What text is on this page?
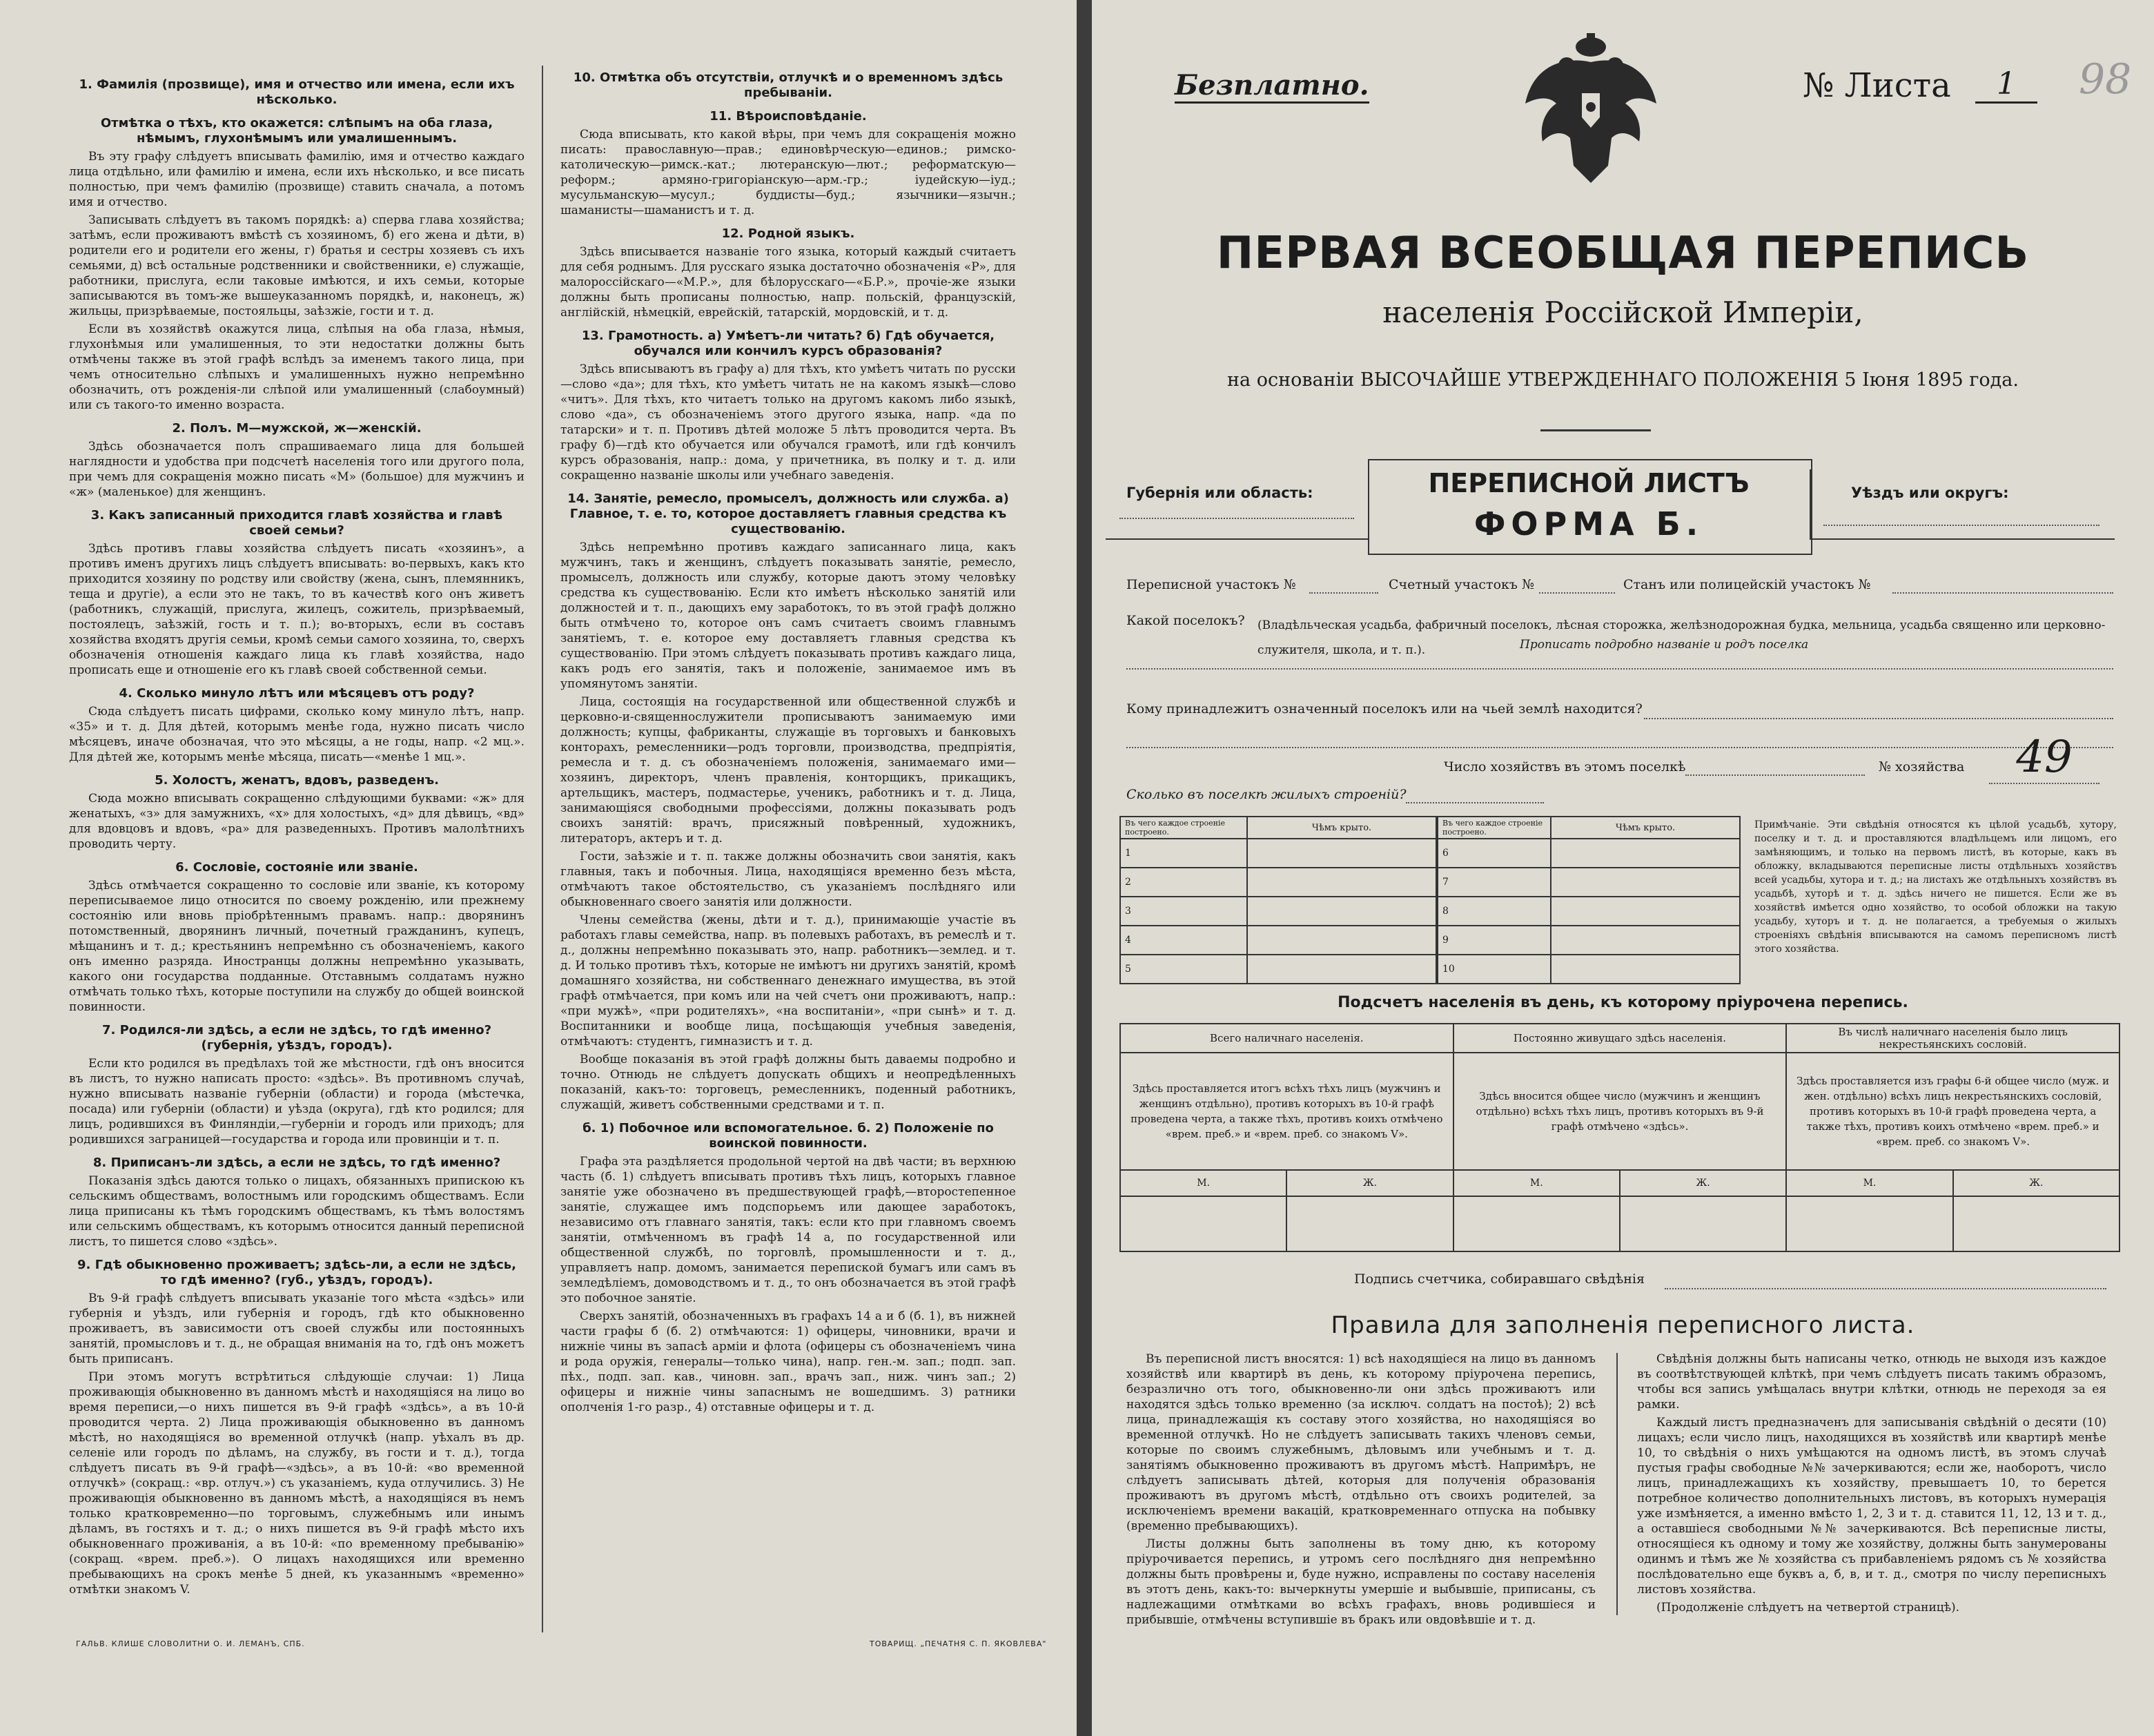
1. Фамилія (прозвище), имя и отчество или имена, если ихъ нѣсколько.
Отмѣтка о тѣхъ, кто окажется: слѣпымъ на оба глаза, нѣмымъ, глухонѣмымъ или умалишеннымъ.

Въ эту графу слѣдуетъ вписывать фамилію, имя и отчество каждаго лица отдѣльно, или фамилію и имена, если ихъ нѣсколько, и все писать полностью, при чемъ фамилію (прозвище) ставить сначала, а потомъ имя и отчество.

Записывать слѣдуетъ въ такомъ порядкѣ: а) сперва глава хозяйства; затѣмъ, если проживаютъ вмѣстѣ съ хозяиномъ, б) его жена и дѣти, в) родители его и родители его жены, г) братья и сестры хозяевъ съ ихъ семьями, д) всѣ остальные родственники и свойственники, е) служащіе, работники, прислуга, если таковые имѣются, и ихъ семьи, которые записываются въ томъ-же вышеуказанномъ порядкѣ, и, наконецъ, ж) жильцы, призрѣваемые, постояльцы, заѣзжіе, гости и т. д.

Если въ хозяйствѣ окажутся лица, слѣпыя на оба глаза, нѣмыя, глухонѣмыя или умалишенныя, то эти недостатки должны быть отмѣчены также въ этой графѣ вслѣдъ за именемъ такого лица, при чемъ относительно слѣпыхъ и умалишенныхъ нужно непремѣнно обозначить, отъ рожденія-ли слѣпой или умалишенный (слабоумный) или съ такого-то именно возраста.

2. Полъ. М—мужской, ж—женскій.

Здѣсь обозначается полъ спрашиваемаго лица для большей наглядности и удобства при подсчетѣ населенія того или другого пола, при чемъ для сокращенія можно писать «М» (большое) для мужчинъ и «ж» (маленькое) для женщинъ.

3. Какъ записанный приходится главѣ хозяйства и главѣ своей семьи?

Здѣсь противъ главы хозяйства слѣдуетъ писать «хозяинъ», а противъ именъ другихъ лицъ слѣдуетъ вписывать: во-первыхъ, какъ кто приходится хозяину по родству или свойству (жена, сынъ, племянникъ, теща и другіе), а если это не такъ, то въ качествѣ кого онъ живетъ (работникъ, служащій, прислуга, жилецъ, сожитель, призрѣваемый, постоялецъ, заѣзжій, гость и т. п.); во-вторыхъ, если въ составъ хозяйства входятъ другія семьи, кромѣ семьи самого хозяина, то, сверхъ обозначенія отношенія каждаго лица къ главѣ хозяйства, надо прописать еще и отношеніе его къ главѣ своей собственной семьи.

4. Сколько минуло лѣтъ или мѣсяцевъ отъ роду?

Сюда слѣдуетъ писать цифрами, сколько кому минуло лѣтъ, напр. «35» и т. д. Для дѣтей, которымъ менѣе года, нужно писать число мѣсяцевъ, иначе обозначая, что это мѣсяцы, а не годы, напр. «2 мц.». Для дѣтей же, которымъ менѣе мѣсяца, писать—«менѣе 1 мц.».

5. Холостъ, женатъ, вдовъ, разведенъ.

Сюда можно вписывать сокращенно слѣдующими буквами: «ж» для женатыхъ, «з» для замужнихъ, «х» для холостыхъ, «д» для дѣвицъ, «вд» для вдовцовъ и вдовъ, «ра» для разведенныхъ. Противъ малолѣтнихъ проводить черту.

6. Сословіе, состояніе или званіе.

Здѣсь отмѣчается сокращенно то сословіе или званіе, къ которому переписываемое лицо относится по своему рожденію, или прежнему состоянію или вновь пріобрѣтеннымъ правамъ. напр.: дворянинъ потомственный, дворянинъ личный, почетный гражданинъ, купецъ, мѣщанинъ и т. д.; крестьянинъ непремѣнно съ обозначеніемъ, какого онъ именно разряда. Иностранцы должны непремѣнно указывать, какого они государства подданные. Отставнымъ солдатамъ нужно отмѣчать только тѣхъ, которые поступили на службу до общей воинской повинности.

7. Родился-ли здѣсь, а если не здѣсь, то гдѣ именно? (губернія, уѣздъ, городъ).

Если кто родился въ предѣлахъ той же мѣстности, гдѣ онъ вносится въ листъ, то нужно написать просто: «здѣсь». Въ противномъ случаѣ, нужно вписывать названіе губерніи (области) и города (мѣстечка, посада) или губерніи (области) и уѣзда (округа), гдѣ кто родился; для лицъ, родившихся въ Финляндіи,—губерніи и городъ или приходъ; для родившихся заграницей—государства и города или провинціи и т. п.

8. Приписанъ-ли здѣсь, а если не здѣсь, то гдѣ именно?

Показанія здѣсь даются только о лицахъ, обязанныхъ припискою къ сельскимъ обществамъ, волостнымъ или городскимъ обществамъ. Если лица приписаны къ тѣмъ городскимъ обществамъ, къ тѣмъ волостямъ или сельскимъ обществамъ, къ которымъ относится данный переписной листъ, то пишется слово «здѣсь».

9. Гдѣ обыкновенно проживаетъ; здѣсь-ли, а если не здѣсь, то гдѣ именно? (губ., уѣздъ, городъ).

Въ 9-й графѣ слѣдуетъ вписывать указаніе того мѣста «здѣсь» или губернія и уѣздъ, или губернія и городъ, гдѣ кто обыкновенно проживаетъ, въ зависимости отъ своей службы или постоянныхъ занятій, промысловъ и т. д., не обращая вниманія на то, гдѣ онъ можетъ быть приписанъ.

При этомъ могутъ встрѣтиться слѣдующіе случаи: 1) Лица проживающія обыкновенно въ данномъ мѣстѣ и находящіяся на лицо во время переписи,—о нихъ пишется въ 9-й графѣ «здѣсь», а въ 10-й проводится черта. 2) Лица проживающія обыкновенно въ данномъ мѣстѣ, но находящіяся во временной отлучкѣ (напр. уѣхалъ въ др. селеніе или городъ по дѣламъ, на службу, въ гости и т. д.), тогда слѣдуетъ писать въ 9-й графѣ—«здѣсь», а въ 10-й: «во временной отлучкѣ» (сокращ.: «вр. отлуч.») съ указаніемъ, куда отлучились. 3) Не проживающія обыкновенно въ данномъ мѣстѣ, а находящіяся въ немъ только кратковременно—по торговымъ, служебнымъ или инымъ дѣламъ, въ гостяхъ и т. д.; о нихъ пишется въ 9-й графѣ мѣсто ихъ обыкновеннаго проживанія, а въ 10-й: «по временному пребыванію» (сокращ. «врем. преб.»). О лицахъ находящихся или временно пребывающихъ на срокъ менѣе 5 дней, къ указаннымъ «временно» отмѣтки знакомъ V.

10. Отмѣтка объ отсутствіи, отлучкѣ и о временномъ здѣсь пребываніи.
11. Вѣроисповѣданіе.

Сюда вписывать, кто какой вѣры, при чемъ для сокращенія можно писать: православную—прав.; единовѣрческую—единов.; римско-католическую—римск.-кат.; лютеранскую—лют.; реформатскую—реформ.; армяно-григоріанскую—арм.-гр.; іудейскую—іуд.; мусульманскую—мусул.; буддисты—буд.; язычники—язычн.; шаманисты—шаманистъ и т. д.

12. Родной языкъ.

Здѣсь вписывается названіе того языка, который каждый считаетъ для себя роднымъ. Для русскаго языка достаточно обозначенія «Р», для малороссійскаго—«М.Р.», для бѣлорусскаго—«Б.Р.», прочіе-же языки должны быть прописаны полностью, напр. польскій, французскій, англійскій, нѣмецкій, еврейскій, татарскій, мордовскій, и т. д.

13. Грамотность. а) Умѣетъ-ли читать? б) Гдѣ обучается, обучался или кончилъ курсъ образованія?

Здѣсь вписываютъ въ графу а) для тѣхъ, кто умѣетъ читать по русски—слово «да»; для тѣхъ, кто умѣетъ читать не на какомъ языкѣ—слово «читъ». Для тѣхъ, кто читаетъ только на другомъ какомъ либо языкѣ, слово «да», съ обозначеніемъ этого другого языка, напр. «да по татарски» и т. п. Противъ дѣтей моложе 5 лѣтъ проводится черта. Въ графу б)—гдѣ кто обучается или обучался грамотѣ, или гдѣ кончилъ курсъ образованія, напр.: дома, у причетника, въ полку и т. д. или сокращенно названіе школы или учебнаго заведенія.

14. Занятіе, ремесло, промыселъ, должность или служба. а) Главное, т. е. то, которое доставляетъ главныя средства къ существованію.

Здѣсь непремѣнно противъ каждаго записаннаго лица, какъ мужчинъ, такъ и женщинъ, слѣдуетъ показывать занятіе, ремесло, промыселъ, должность или службу, которые даютъ этому человѣку средства къ существованію. Если кто имѣетъ нѣсколько занятій или должностей и т. п., дающихъ ему заработокъ, то въ этой графѣ должно быть отмѣчено то, которое онъ самъ считаетъ своимъ главнымъ занятіемъ, т. е. которое ему доставляетъ главныя средства къ существованію. При этомъ слѣдуетъ показывать противъ каждаго лица, какъ родъ его занятія, такъ и положеніе, занимаемое имъ въ упомянутомъ занятіи.

Лица, состоящія на государственной или общественной службѣ и церковно-и-священнослужители прописываютъ занимаемую ими должность; купцы, фабриканты, служащіе въ торговыхъ и банковыхъ конторахъ, ремесленники—родъ торговли, производства, предпріятія, ремесла и т. д. съ обозначеніемъ положенія, занимаемаго ими—хозяинъ, директоръ, членъ правленія, конторщикъ, прикащикъ, артельщикъ, мастеръ, подмастерье, ученикъ, работникъ и т. д. Лица, занимающіяся свободными профессіями, должны показывать родъ своихъ занятій: врачъ, присяжный повѣренный, художникъ, литераторъ, актеръ и т. д.

Гости, заѣзжіе и т. п. также должны обозначить свои занятія, какъ главныя, такъ и побочныя. Лица, находящіяся временно безъ мѣста, отмѣчаютъ такое обстоятельство, съ указаніемъ послѣдняго или обыкновеннаго своего занятія или должности.

Члены семейства (жены, дѣти и т. д.), принимающіе участіе въ работахъ главы семейства, напр. въ полевыхъ работахъ, въ ремеслѣ и т. д., должны непремѣнно показывать это, напр. работникъ—землед. и т. д. И только противъ тѣхъ, которые не имѣютъ ни другихъ занятій, кромѣ домашняго хозяйства, ни собственнаго денежнаго имущества, въ этой графѣ отмѣчается, при комъ или на чей счетъ они проживаютъ, напр.: «при мужѣ», «при родителяхъ», «на воспитаніи», «при сынѣ» и т. д. Воспитанники и вообще лица, посѣщающія учебныя заведенія, отмѣчаютъ: студентъ, гимназистъ и т. д.

Вообще показанія въ этой графѣ должны быть даваемы подробно и точно. Отнюдь не слѣдуетъ допускать общихъ и неопредѣленныхъ показаній, какъ-то: торговецъ, ремесленникъ, поденный работникъ, служащій, живетъ собственными средствами и т. п.

б. 1) Побочное или вспомогательное. б. 2) Положеніе по воинской повинности.

Графа эта раздѣляется продольной чертой на двѣ части; въ верхнюю часть (б. 1) слѣдуетъ вписывать противъ тѣхъ лицъ, которыхъ главное занятіе уже обозначено въ предшествующей графѣ,—второстепенное занятіе, служащее имъ подспорьемъ или дающее заработокъ, независимо отъ главнаго занятія, такъ: если кто при главномъ своемъ занятіи, отмѣченномъ въ графѣ 14 а, по государственной или общественной службѣ, по торговлѣ, промышленности и т. д., управляетъ напр. домомъ, занимается перепиской бумагъ или самъ въ земледѣліемъ, домоводствомъ и т. д., то онъ обозначается въ этой графѣ это побочное занятіе.

Сверхъ занятій, обозначенныхъ въ графахъ 14 а и б (б. 1), въ нижней части графы б (б. 2) отмѣчаются: 1) офицеры, чиновники, врачи и нижніе чины въ запасѣ арміи и флота (офицеры съ обозначеніемъ чина и рода оружія, генералы—только чина), напр. ген.-м. зап.; подп. зап. пѣх., подп. зап. кав., чиновн. зап., врачъ зап., ниж. чинъ зап.; 2) офицеры и нижніе чины запаснымъ не вошедшимъ. 3) ратники ополченія 1-го разр., 4) отставные офицеры и т. д.

ГАЛЬВ. КЛИШЕ СЛОВОЛИТНИ О. И. ЛЕМАНЪ, СПБ.	ТОВАРИЩ. „ПЕЧАТНЯ С. П. ЯКОВЛЕВА"
Безплатно.	№ Листа	1	98
ПЕРВАЯ ВСЕОБЩАЯ ПЕРЕПИСЬ
населенія Россійской Имперіи,
на основаніи ВЫСОЧАЙШЕ УТВЕРЖДЕННАГО ПОЛОЖЕНІЯ 5 Іюня 1895 года.
Губернія или область:	ПЕРЕПИСНОЙ ЛИСТЪ
ФОРМА Б.
Уѣздъ или округъ:
Переписной участокъ №	Счетный участокъ №	Станъ или полицейскій участокъ №
Какой поселокъ? (Владѣльческая усадьба, фабричный поселокъ, лѣсная сторожка, желѣзнодорожная будка, мельница, усадьба священно или церковно-служителя, школа, и т. п.).	Прописать подробно названіе и родъ поселка
Кому принадлежитъ означенный поселокъ или на чьей землѣ находится?
Число хозяйствъ въ этомъ поселкѣ	№ хозяйства	49
Сколько въ поселкѣ жилыхъ строеній?
Въ чего каждое строеніе построено.	Чѣмъ крыто.
1	
2	
3	
4	
5	
Въ чего каждое строеніе построено.	Чѣмъ крыто.
6	
7	
8	
9	
10	
Примѣчаніе. Эти свѣдѣнія относятся къ цѣлой усадьбѣ, хутору, поселку и т. д. и проставляются владѣльцемъ или лицомъ, его замѣняющимъ, и только на первомъ листѣ, въ которые, какъ въ обложку, вкладываются переписные листы отдѣльныхъ хозяйствъ всей усадьбы, хутора и т. д.; на листахъ же отдѣльныхъ хозяйствъ въ усадьбѣ, хуторѣ и т. д. здѣсь ничего не пишется. Если же въ хозяйствѣ имѣется одно хозяйство, то особой обложки на такую усадьбу, хуторъ и т. д. не полагается, а требуемыя о жилыхъ строеніяхъ свѣдѣнія вписываются на самомъ переписномъ листѣ этого хозяйства.
Подсчетъ населенія въ день, къ которому пріурочена перепись.
Всего наличнаго населенія.		Постоянно живущаго здѣсь населенія.		Въ числѣ наличнаго населенія было лицъ некрестьянскихъ сословій.	
Здѣсь проставляется итогъ всѣхъ тѣхъ лицъ (мужчинъ и женщинъ отдѣльно), противъ которыхъ въ 10-й графѣ проведена черта, а также тѣхъ, противъ коихъ отмѣчено «врем. преб.» и «врем. преб. со знакомъ V».		Здѣсь вносится общее число (мужчинъ и женщинъ отдѣльно) всѣхъ тѣхъ лицъ, противъ которыхъ въ 9-й графѣ отмѣчено «здѣсь».		Здѣсь проставляется изъ графы 6-й общее число (муж. и жен. отдѣльно) всѣхъ лицъ некрестьянскихъ сословій, противъ которыхъ въ 10-й графѣ проведена черта, а также тѣхъ, противъ коихъ отмѣчено «врем. преб.» и «врем. преб. со знакомъ V».	
М.	Ж.	М.	Ж.	М.	Ж.

Подпись счетчика, собиравшаго свѣдѣнія
Правила для заполненія переписного листа.

Въ переписной листъ вносятся: 1) всѣ находящіеся на лицо въ данномъ хозяйствѣ или квартирѣ въ день, къ которому пріурочена перепись, безразлично отъ того, обыкновенно-ли они здѣсь проживаютъ или находятся здѣсь только временно (за исключ. солдатъ на постоѣ); 2) всѣ лица, принадлежащія къ составу этого хозяйства, но находящіяся во временной отлучкѣ. Но не слѣдуетъ записывать такихъ членовъ семьи, которые по своимъ служебнымъ, дѣловымъ или учебнымъ и т. д. занятіямъ обыкновенно проживаютъ въ другомъ мѣстѣ. Напримѣръ, не слѣдуетъ записывать дѣтей, которыя для полученія образованія проживаютъ въ другомъ мѣстѣ, отдѣльно отъ своихъ родителей, за исключеніемъ времени вакацій, кратковременнаго отпуска на побывку (временно пребывающихъ).

Листы должны быть заполнены въ тому дню, къ которому пріурочивается перепись, и утромъ сего послѣдняго дня непремѣнно должны быть провѣрены и, буде нужно, исправлены по составу населенія въ этотъ день, какъ-то: вычеркнуты умершіе и выбывшіе, приписаны, съ надлежащими отмѣтками во всѣхъ графахъ, вновь родившіеся и прибывшіе, отмѣчены вступившіе въ бракъ или овдовѣвшіе и т. д.

Свѣдѣнія должны быть написаны четко, отнюдь не выходя изъ каждое въ соотвѣтствующей клѣткѣ, при чемъ слѣдуетъ писать такимъ образомъ, чтобы вся запись умѣщалась внутри клѣтки, отнюдь не переходя за ея рамки.

Каждый листъ предназначенъ для записыванія свѣдѣній о десяти (10) лицахъ; если число лицъ, находящихся въ хозяйствѣ или квартирѣ менѣе 10, то свѣдѣнія о нихъ умѣщаются на одномъ листѣ, въ этомъ случаѣ пустыя графы свободные №№ зачеркиваются; если же, наоборотъ, число лицъ, принадлежащихъ къ хозяйству, превышаетъ 10, то берется потребное количество дополнительныхъ листовъ, въ которыхъ нумерація уже измѣняется, а именно вмѣсто 1, 2, 3 и т. д. ставится 11, 12, 13 и т. д., а оставшіеся свободными №№ зачеркиваются. Всѣ переписные листы, относящіеся къ одному и тому же хозяйству, должны быть занумерованы одинмъ и тѣмъ же № хозяйства съ прибавленіемъ рядомъ съ № хозяйства послѣдовательно еще буквъ а, б, в, и т. д., смотря по числу переписныхъ листовъ хозяйства.

(Продолженіе слѣдуетъ на четвертой страницѣ).
